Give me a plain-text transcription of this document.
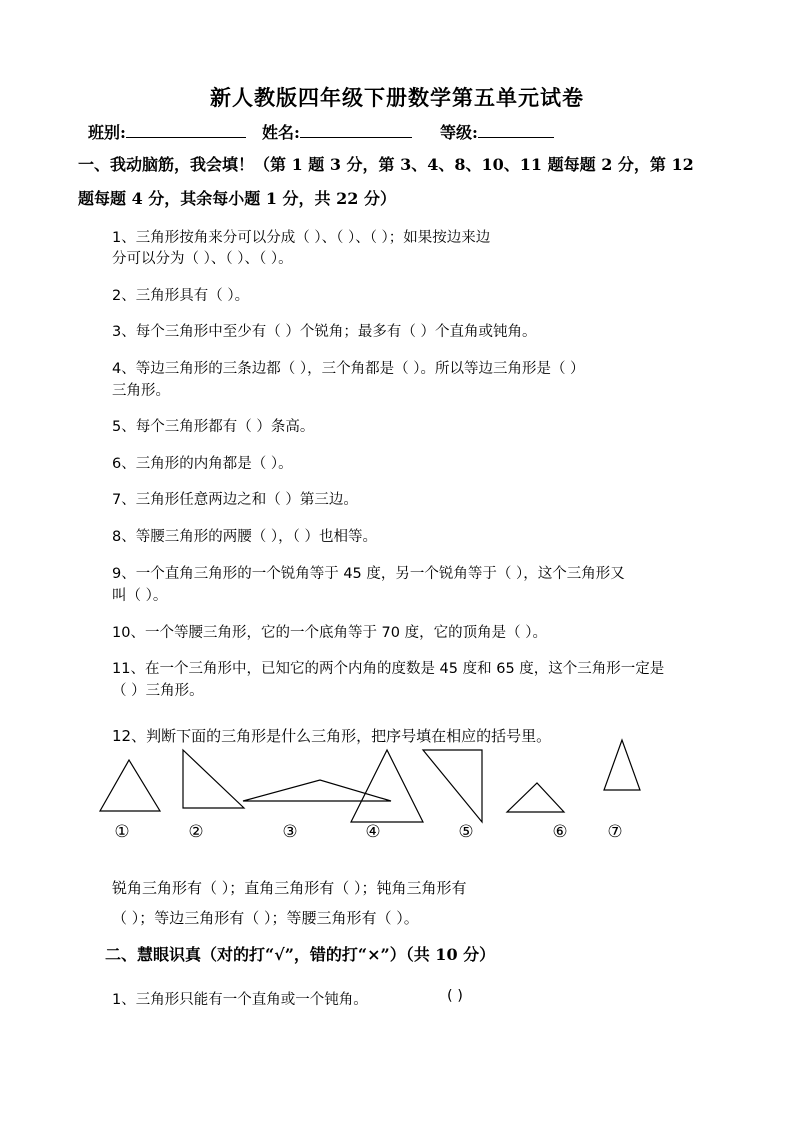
新人教版四年级下册数学第五单元试卷
班别:	姓名:	等级:
一、我动脑筋，我会填！（第 1 题 3 分，第 3、4、8、10、11 题每题 2 分，第 12
题每题 4 分，其余每小题 1 分，共 22 分）
1、三角形按角来分可以分成（ ）、（ ）、（ ）；如果按边来边
分可以分为（ ）、（ ）、（ ）。
2、三角形具有（ ）。
3、每个三角形中至少有（ ）个锐角；最多有（ ）个直角或钝角。
4、等边三角形的三条边都（ ），三个角都是（ ）。所以等边三角形是（ ）
三角形。
5、每个三角形都有（ ）条高。
6、三角形的内角都是（ ）。
7、三角形任意两边之和（ ）第三边。
8、等腰三角形的两腰（ ），（ ）也相等。
9、一个直角三角形的一个锐角等于 45 度，另一个锐角等于（ ），这个三角形又
叫（ ）。
10、一个等腰三角形，它的一个底角等于 70 度，它的顶角是（ ）。
11、在一个三角形中，已知它的两个内角的度数是 45 度和 65 度，这个三角形一定是
（ ）三角形。
12、判断下面的三角形是什么三角形，把序号填在相应的括号里。
①	②	③	④	⑤	⑥ ⑦
锐角三角形有（ ）；直角三角形有（ ）；钝角三角形有
（ ）；等边三角形有（ ）；等腰三角形有（ ）。
二、慧眼识真（对的打“√”，错的打“×”）（共 10 分）
1、三角形只能有一个直角或一个钝角。	( )
